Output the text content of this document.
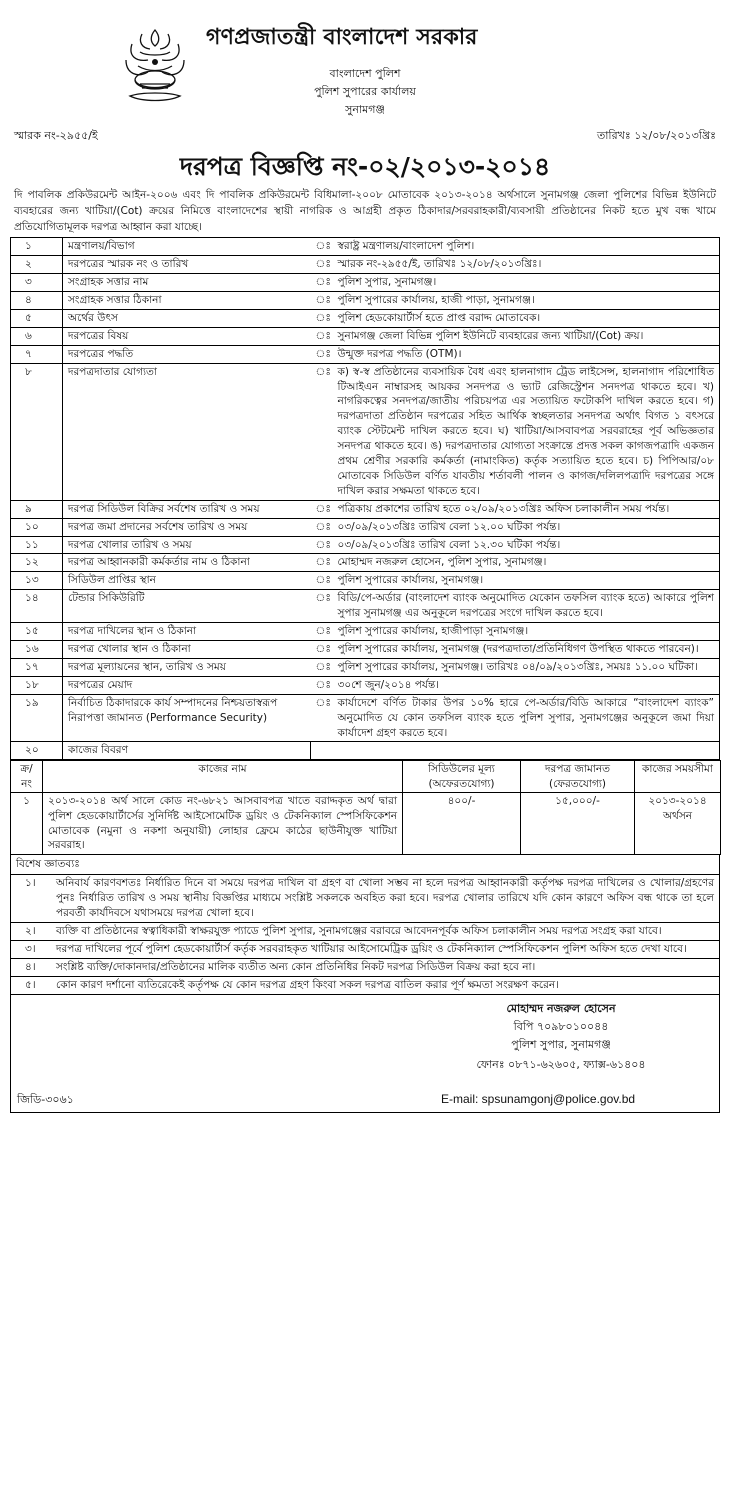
গণপ্রজাতন্ত্রী বাংলাদেশ সরকার
বাংলাদেশ পুলিশ
পুলিশ সুপারের কার্যালয়
সুনামগঞ্জ
স্মারক নং-২৯৫৫/ই	তারিখঃ ১২/০৮/২০১৩খ্রিঃ
দরপত্র বিজ্ঞপ্তি নং-০২/২০১৩-২০১৪

দি পাবলিক প্রকিউরমেন্ট আইন-২০০৬ এবং দি পাবলিক প্রকিউরমেন্ট বিধিমালা-২০০৮ মোতাবেক ২০১৩-২০১৪ অর্থসালে সুনামগঞ্জ জেলা পুলিশের বিভিন্ন ইউনিটে ব্যবহারের জন্য খাটিয়া/(Cot) ক্রয়ের নিমিত্তে বাংলাদেশের স্থায়ী নাগরিক ও আগ্রহী প্রকৃত ঠিকাদার/সরবরাহকারী/ব্যবসায়ী প্রতিষ্ঠানের নিকট হতে মুখ বন্ধ খামে প্রতিযোগিতামূলক দরপত্র আহ্বান করা যাচ্ছে।

১	মন্ত্রণালয়/বিভাগ	ঃ	স্বরাষ্ট্র মন্ত্রণালয়/বাংলাদেশ পুলিশ।
২	দরপত্রের স্মারক নং ও তারিখ	ঃ	স্মারক নং-২৯৫৫/ই, তারিখঃ ১২/০৮/২০১৩খ্রিঃ।
৩	সংগ্রাহক সত্তার নাম	ঃ	পুলিশ সুপার, সুনামগঞ্জ।
৪	সংগ্রাহক সত্তার ঠিকানা	ঃ	পুলিশ সুপারের কার্যালয়, হাজী পাড়া, সুনামগঞ্জ।
৫	অর্থের উৎস	ঃ	পুলিশ হেডকোয়ার্টার্স হতে প্রাপ্ত বরাদ্দ মোতাবেক।
৬	দরপত্রের বিষয়	ঃ	সুনামগঞ্জ জেলা বিভিন্ন পুলিশ ইউনিটে ব্যবহারের জন্য খাটিয়া/(Cot) ক্রয়।
৭	দরপত্রের পদ্ধতি	ঃ	উন্মুক্ত দরপত্র পদ্ধতি (OTM)।
৮	দরপত্রদাতার যোগ্যতা	ঃ	ক) স্ব-স্ব প্রতিষ্ঠানের ব্যবসায়িক বৈধ এবং হালনাগাদ ট্রেড লাইসেন্স, হালনাগাদ পরিশোধিত টিআইএন নাম্বারসহ আয়কর সনদপত্র ও ভ্যাট রেজিস্ট্রেশন সনদপত্র থাকতে হবে। খ) নাগরিকত্বের সনদপত্র/জাতীয় পরিচয়পত্র এর সত্যায়িত ফটোকপি দাখিল করতে হবে। গ) দরপত্রদাতা প্রতিষ্ঠান দরপত্রের সহিত আর্থিক স্বচ্ছলতার সনদপত্র অর্থাৎ বিগত ১ বৎসরে ব্যাংক স্টেটমেন্ট দাখিল করতে হবে। ঘ) খাটিয়া/আসবাবপত্র সরবরাহের পূর্ব অভিজ্ঞতার সনদপত্র থাকতে হবে। ঙ) দরপত্রদাতার যোগ্যতা সংক্রান্তে প্রদত্ত সকল কাগজপত্রাদি একজন প্রথম শ্রেণীর সরকারি কর্মকর্তা (নামাংকিত) কর্তৃক সত্যায়িত হতে হবে। চ) পিপিআর/০৮ মোতাবেক সিডিউল বর্ণিত যাবতীয় শর্তাবলী পালন ও কাগজ/দলিলপত্রাদি দরপত্রের সঙ্গে দাখিল করার সক্ষমতা থাকতে হবে।
৯	দরপত্র সিডিউল বিক্রির সর্বশেষ তারিখ ও সময়	ঃ	পত্রিকায় প্রকাশের তারিখ হতে ০২/০৯/২০১৩খ্রিঃ অফিস চলাকালীন সময় পর্যন্ত।
১০	দরপত্র জমা প্রদানের সর্বশেষ তারিখ ও সময়	ঃ	০৩/০৯/২০১৩খ্রিঃ তারিখ বেলা ১২.০০ ঘটিকা পর্যন্ত।
১১	দরপত্র খোলার তারিখ ও সময়	ঃ	০৩/০৯/২০১৩খ্রিঃ তারিখ বেলা ১২.৩০ ঘটিকা পর্যন্ত।
১২	দরপত্র আহ্বানকারী কর্মকর্তার নাম ও ঠিকানা	ঃ	মোহাম্মদ নজরুল হোসেন, পুলিশ সুপার, সুনামগঞ্জ।
১৩	সিডিউল প্রাপ্তির স্থান	ঃ	পুলিশ সুপারের কার্যালয়, সুনামগঞ্জ।
১৪	টেন্ডার সিকিউরিটি	ঃ	বিডি/পে-অর্ডার (বাংলাদেশ ব্যাংক অনুমোদিত যেকোন তফসিল ব্যাংক হতে) আকারে পুলিশ সুপার সুনামগঞ্জ এর অনুকূলে দরপত্রের সংগে দাখিল করতে হবে।
১৫	দরপত্র দাখিলের স্থান ও ঠিকানা	ঃ	পুলিশ সুপারের কার্যালয়, হাজীপাড়া সুনামগঞ্জ।
১৬	দরপত্র খোলার স্থান ও ঠিকানা	ঃ	পুলিশ সুপারের কার্যালয়, সুনামগঞ্জ (দরপত্রদাতা/প্রতিনিধিগণ উপস্থিত থাকতে পারবেন)।
১৭	দরপত্র মূল্যায়নের স্থান, তারিখ ও সময়	ঃ	পুলিশ সুপারের কার্যালয়, সুনামগঞ্জ। তারিখঃ ০৪/০৯/২০১৩খ্রিঃ, সময়ঃ ১১.০০ ঘটিকা।
১৮	দরপত্রের মেয়াদ	ঃ	৩০শে জুন/২০১৪ পর্যন্ত।
১৯	নির্বাচিত ঠিকাদারকে কার্য সম্পাদনের নিশ্চয়তাস্বরূপ নিরাপত্তা জামানত (Performance Security)	ঃ	কার্যাদেশে বর্ণিত টাকার উপর ১০% হারে পে-অর্ডার/বিডি আকারে “বাংলাদেশ ব্যাংক” অনুমোদিত যে কোন তফসিল ব্যাংক হতে পুলিশ সুপার, সুনামগঞ্জের অনুকূলে জমা দিয়া কার্যাদেশ গ্রহণ করতে হবে।
২০	কাজের বিবরণ		
ক্র/ নং	কাজের নাম	সিডিউলের মূল্য (অফেরতযোগ্য)	দরপত্র জামানত (ফেরতযোগ্য)	কাজের সময়সীমা
১	২০১৩-২০১৪ অর্থ সালে কোড নং-৬৮২১ আসবাবপত্র খাতে বরাদ্দকৃত অর্থ দ্বারা পুলিশ হেডকোয়ার্টার্সের সুনির্দিষ্ট আইসোমেটিক ড্রয়িং ও টেকনিক্যাল স্পেসিফিকেশন মোতাবেক (নমুনা ও নকশা অনুযায়ী) লোহার ফ্রেমে কাঠের ছাউনীযুক্ত খাটিয়া সরবরাহ।	৪০০/-	১৫,০০০/-	২০১৩-২০১৪ অর্থসন
বিশেষ জ্ঞাতব্যঃ
১।	অনিবার্য কারণবশতঃ নির্ধারিত দিনে বা সময়ে দরপত্র দাখিল বা গ্রহণ বা খোলা সম্ভব না হলে দরপত্র আহ্বানকারী কর্তৃপক্ষ দরপত্র দাখিলের ও খোলার/গ্রহণের পুনঃ নির্ধারিত তারিখ ও সময় স্থানীয় বিজ্ঞপ্তির মাধ্যমে সংশ্লিষ্ট সকলকে অবহিত করা হবে। দরপত্র খোলার তারিখে যদি কোন কারণে অফিস বন্ধ থাকে তা হলে পরবর্তী কার্যদিবসে যথাসময়ে দরপত্র খোলা হবে।
২।	ব্যক্তি বা প্রতিষ্ঠানের স্বত্বাধিকারী স্বাক্ষরযুক্ত প্যাডে পুলিশ সুপার, সুনামগঞ্জের বরাবরে আবেদনপূর্বক অফিস চলাকালীন সময় দরপত্র সংগ্রহ করা যাবে।
৩।	দরপত্র দাখিলের পূর্বে পুলিশ হেডকোয়ার্টার্স কর্তৃক সরবরাহকৃত খাটিয়ার আইসোমেট্রিক ড্রয়িং ও টেকনিক্যাল স্পেসিফিকেশন পুলিশ অফিস হতে দেখা যাবে।
৪।	সংশ্লিষ্ট ব্যক্তি/দোকানদার/প্রতিষ্ঠানের মালিক ব্যতীত অন্য কোন প্রতিনিধির নিকট দরপত্র সিডিউল বিক্রয় করা হবে না।
৫।	কোন কারণ দর্শানো ব্যতিরেকেই কর্তৃপক্ষ যে কোন দরপত্র গ্রহণ কিংবা সকল দরপত্র বাতিল করার পূর্ণ ক্ষমতা সংরক্ষণ করেন।
মোহাম্মদ নজরুল হোসেন
বিপি ৭০৯৮০১০০৪৪
পুলিশ সুপার, সুনামগঞ্জ
ফোনঃ ০৮৭১-৬২৬০৫, ফ্যাক্স-৬১৪০৪
জিডি-৩০৬১	E-mail: spsunamgonj@police.gov.bd
